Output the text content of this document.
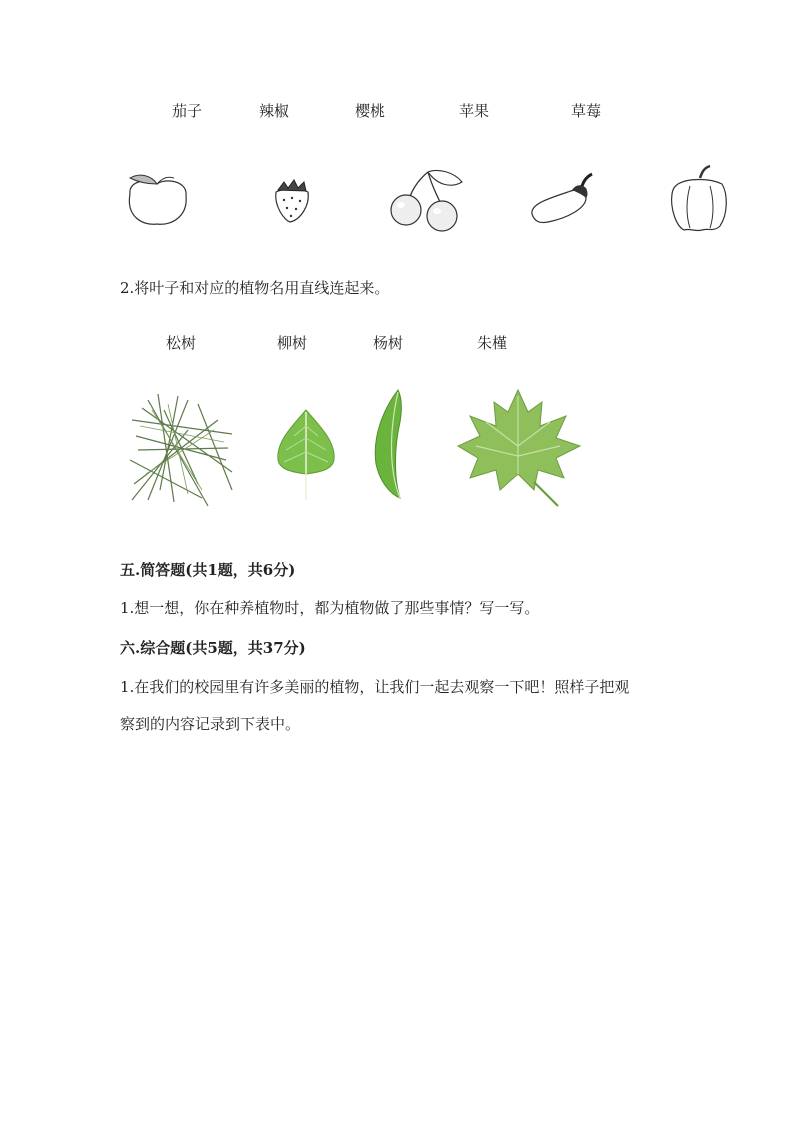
茄子	辣椒	樱桃	苹果	草莓
2.将叶子和对应的植物名用直线连起来。
松树	柳树	杨树	朱槿
五.简答题(共1题，共6分)
1.想一想，你在种养植物时，都为植物做了那些事情？写一写。
六.综合题(共5题，共37分)
1.在我们的校园里有许多美丽的植物，让我们一起去观察一下吧！照样子把观
察到的内容记录到下表中。
